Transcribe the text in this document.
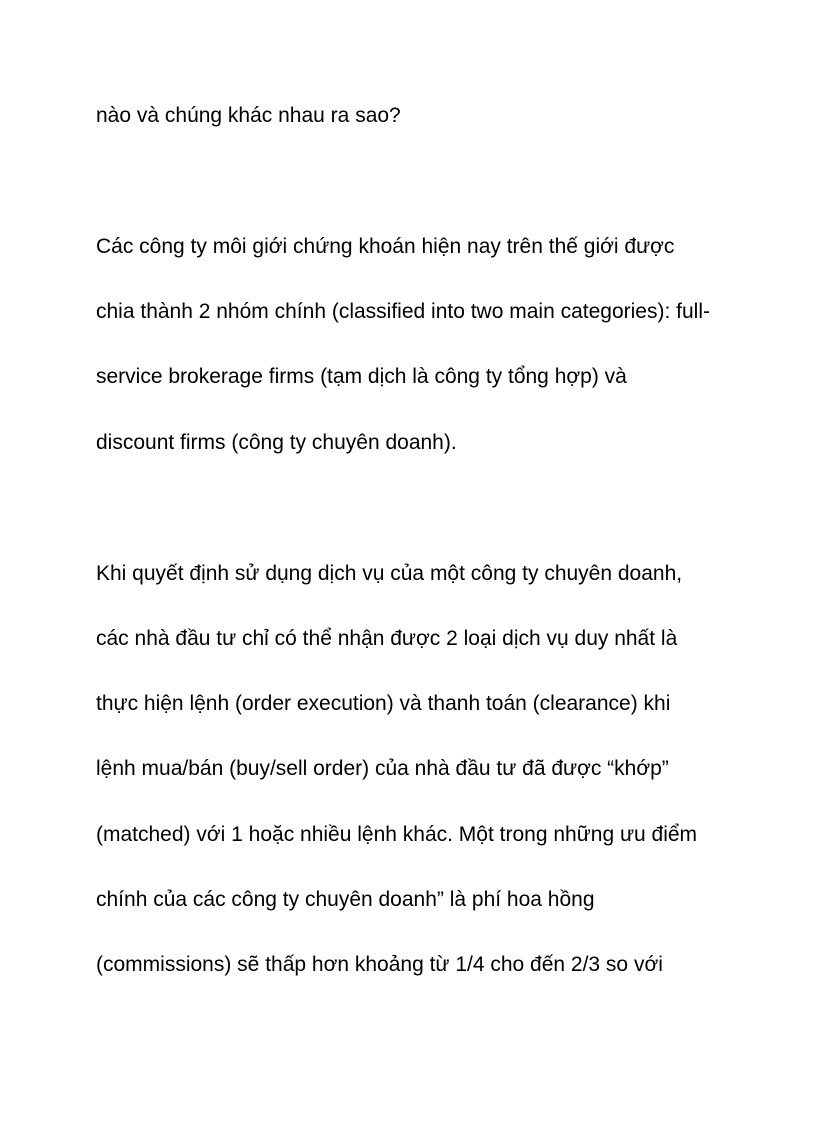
nào và chúng khác nhau ra sao?
Các công ty môi giới chứng khoán hiện nay trên thế giới được
chia thành 2 nhóm chính (classified into two main categories): full-
service brokerage firms (tạm dịch là công ty tổng hợp) và
discount firms (công ty chuyên doanh).
Khi quyết định sử dụng dịch vụ của một công ty chuyên doanh,
các nhà đầu tư chỉ có thể nhận được 2 loại dịch vụ duy nhất là
thực hiện lệnh (order execution) và thanh toán (clearance) khi
lệnh mua/bán (buy/sell order) của nhà đầu tư đã được “khớp”
(matched) với 1 hoặc nhiều lệnh khác. Một trong những ưu điểm
chính của các công ty chuyên doanh” là phí hoa hồng
(commissions) sẽ thấp hơn khoảng từ 1/4 cho đến 2/3 so với
